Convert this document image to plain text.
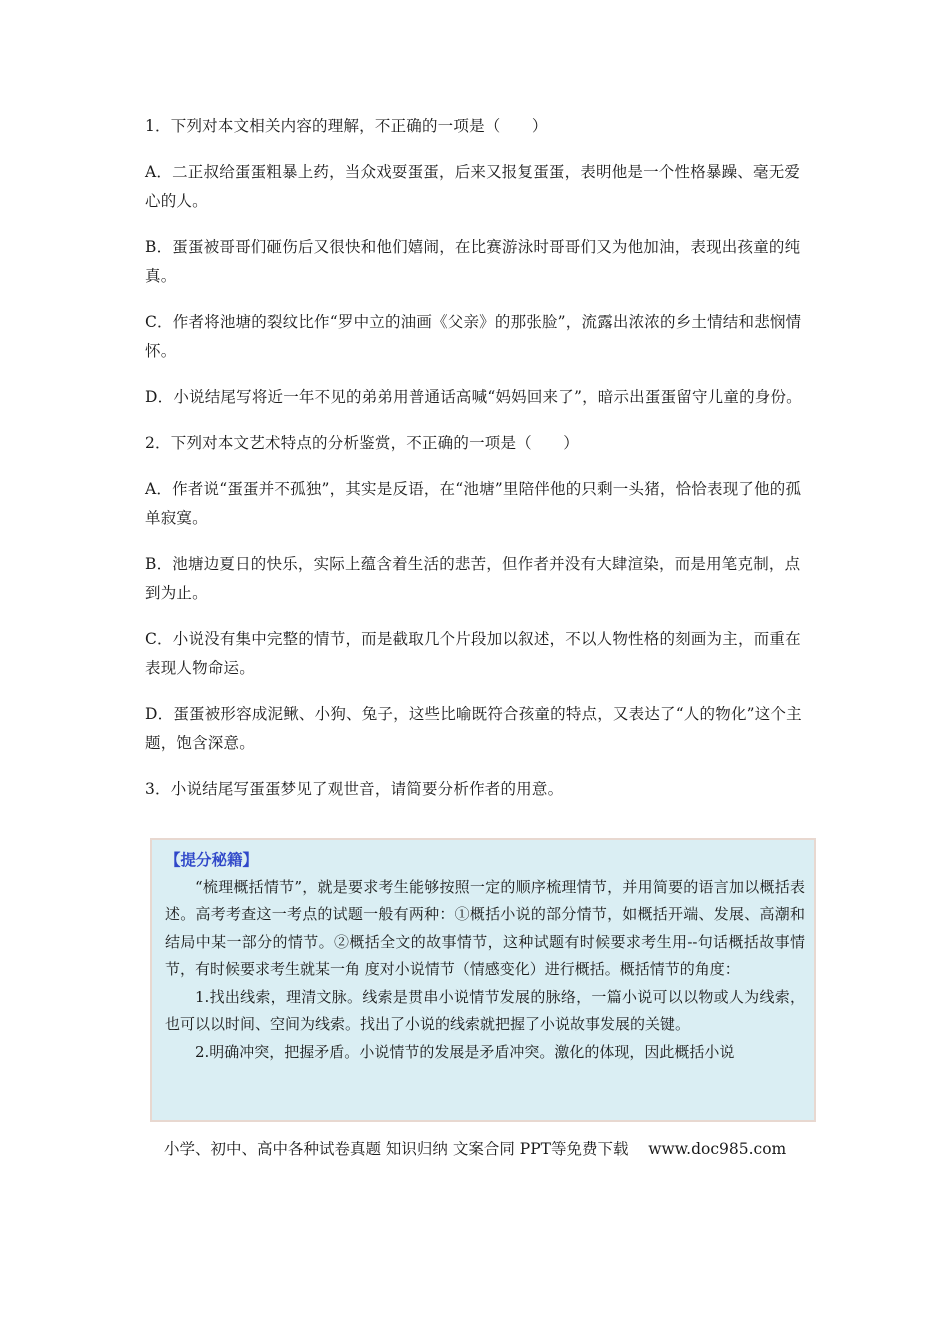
1．下列对本文相关内容的理解，不正确的一项是（　　）

A．二正叔给蛋蛋粗暴上药，当众戏耍蛋蛋，后来又报复蛋蛋，表明他是一个性格暴躁、毫无爱心的人。

B．蛋蛋被哥哥们砸伤后又很快和他们嬉闹，在比赛游泳时哥哥们又为他加油，表现出孩童的纯真。

C．作者将池塘的裂纹比作“罗中立的油画《父亲》的那张脸”，流露出浓浓的乡土情结和悲悯情怀。

D．小说结尾写将近一年不见的弟弟用普通话高喊“妈妈回来了”，暗示出蛋蛋留守儿童的身份。

2．下列对本文艺术特点的分析鉴赏，不正确的一项是（　　）

A．作者说“蛋蛋并不孤独”，其实是反语，在“池塘”里陪伴他的只剩一头猪，恰恰表现了他的孤单寂寞。

B．池塘边夏日的快乐，实际上蕴含着生活的悲苦，但作者并没有大肆渲染，而是用笔克制，点到为止。

C．小说没有集中完整的情节，而是截取几个片段加以叙述，不以人物性格的刻画为主，而重在表现人物命运。

D．蛋蛋被形容成泥鳅、小狗、兔子，这些比喻既符合孩童的特点，又表达了“人的物化”这个主题，饱含深意。

3．小说结尾写蛋蛋梦见了观世音，请简要分析作者的用意。

【提分秘籍】

“梳理概括情节”，就是要求考生能够按照一定的顺序梳理情节，并用简要的语言加以概括表述。高考考查这一考点的试题一般有两种：①概括小说的部分情节，如概括开端、发展、高潮和结局中某一部分的情节。②概括全文的故事情节，这种试题有时候要求考生用--句话概括故事情节，有时候要求考生就某一角 度对小说情节（情感变化）进行概括。概括情节的角度：

1.找出线索，理清文脉。线索是贯串小说情节发展的脉络，一篇小说可以以物或人为线索，也可以以时间、空间为线索。找出了小说的线索就把握了小说故事发展的关键。

2.明确冲突，把握矛盾。小说情节的发展是矛盾冲突。激化的体现，因此概括小说

小学、初中、高中各种试卷真题 知识归纳 文案合同 PPT等免费下载    www.doc985.com
